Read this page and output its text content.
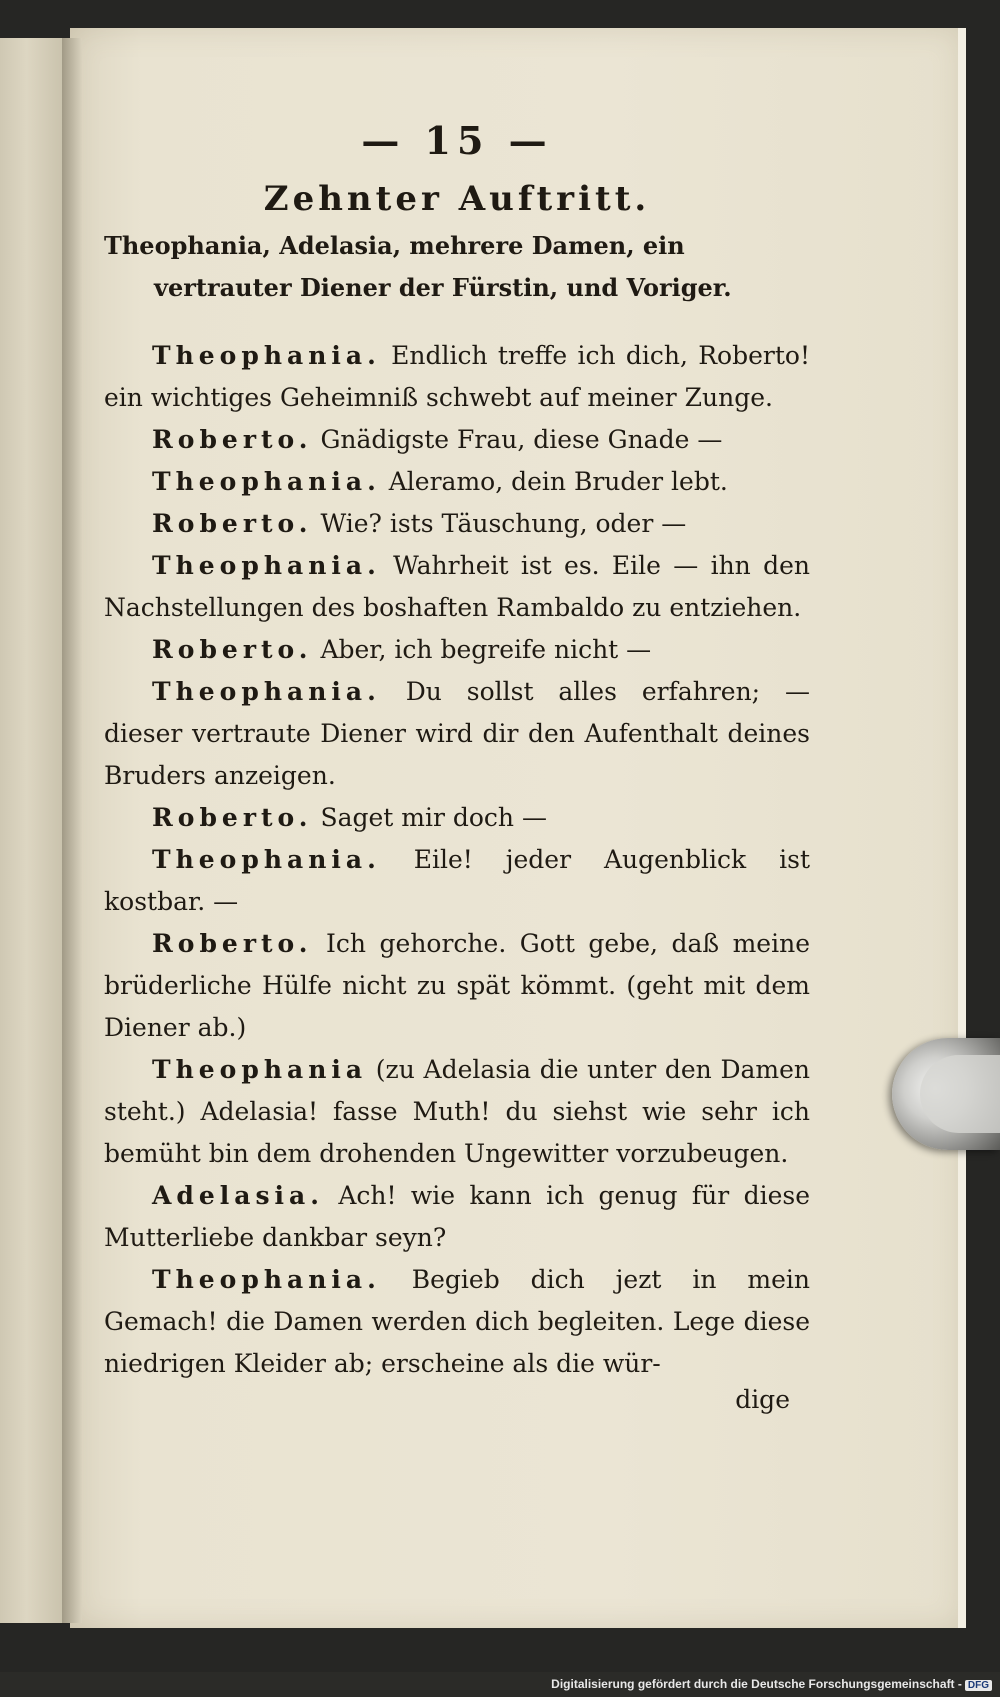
— 15 —
Zehnter Auftritt.
Theophania, Adelasia, mehrere Damen, ein
vertrauter Diener der Fürstin, und Voriger.

Theophania. Endlich treffe ich dich, Roberto! ein wichtiges Geheimniß schwebt auf meiner Zunge.

Roberto. Gnädigste Frau, diese Gnade —

Theophania. Aleramo, dein Bruder lebt.

Roberto. Wie? ists Täuschung, oder —

Theophania. Wahrheit ist es. Eile — ihn den Nachstellungen des boshaften Rambaldo zu entziehen.

Roberto. Aber, ich begreife nicht —

Theophania. Du sollst alles erfahren; — dieser vertraute Diener wird dir den Aufenthalt deines Bruders anzeigen.

Roberto. Saget mir doch —

Theophania. Eile! jeder Augenblick ist kostbar. —

Roberto. Ich gehorche. Gott gebe, daß meine brüderliche Hülfe nicht zu spät kömmt. (geht mit dem Diener ab.)

Theophania (zu Adelasia die unter den Damen steht.) Adelasia! fasse Muth! du siehst wie sehr ich bemüht bin dem drohenden Ungewitter vorzubeugen.

Adelasia. Ach! wie kann ich genug für diese Mutterliebe dankbar seyn?

Theophania. Begieb dich jezt in mein Gemach! die Damen werden dich begleiten. Lege diese niedrigen Kleider ab; erscheine als die wür-

dige
Digitalisierung gefördert durch die Deutsche Forschungsgemeinschaft - DFG
